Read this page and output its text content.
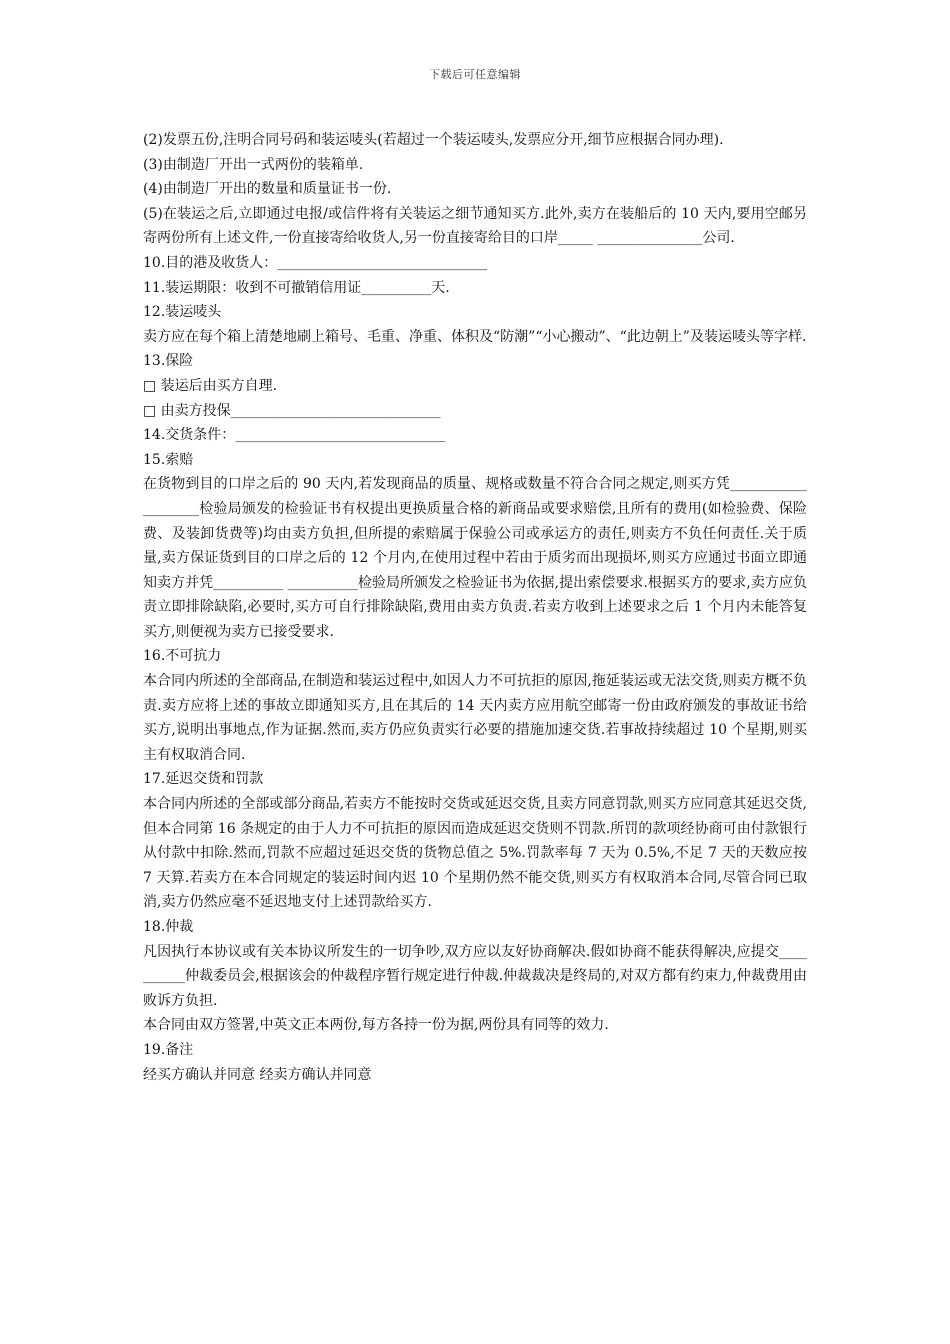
下载后可任意编辑

(2)发票五份,注明合同号码和装运唛头(若超过一个装运唛头,发票应分开,细节应根据合同办理).

(3)由制造厂开出一式两份的装箱单.

(4)由制造厂开出的数量和质量证书一份.

(5)在装运之后,立即通过电报/或信件将有关装运之细节通知买方.此外,卖方在装船后的 10 天内,要用空邮另寄两份所有上述文件,一份直接寄给收货人,另一份直接寄给目的口岸_____ _______________公司.

10.目的港及收货人：______________________________

11.装运期限：收到不可撤销信用证__________天.

12.装运唛头

卖方应在每个箱上清楚地刷上箱号、毛重、净重、体积及“防潮”“小心搬动”、“此边朝上”及装运唛头等字样.

13.保险

□ 装运后由买方自理.

□ 由卖方投保______________________________

14.交货条件：______________________________

15.索赔

在货物到目的口岸之后的 90 天内,若发现商品的质量、规格或数量不符合合同之规定,则买方凭___________________检验局颁发的检验证书有权提出更换质量合格的新商品或要求赔偿,且所有的费用(如检验费、保险费、及装卸货费等)均由卖方负担,但所提的索赔属于保验公司或承运方的责任,则卖方不负任何责任.关于质量,卖方保证货到目的口岸之后的 12 个月内,在使用过程中若由于质劣而出现损坏,则买方应通过书面立即通知卖方并凭__________ __________检验局所颁发之检验证书为依据,提出索偿要求.根据买方的要求,卖方应负责立即排除缺陷,必要时,买方可自行排除缺陷,费用由卖方负责.若卖方收到上述要求之后 1 个月内未能答复买方,则便视为卖方已接受要求.

16.不可抗力

本合同内所述的全部商品,在制造和装运过程中,如因人力不可抗拒的原因,拖延装运或无法交货,则卖方概不负责.卖方应将上述的事故立即通知买方,且在其后的 14 天内卖方应用航空邮寄一份由政府颁发的事故证书给买方,说明出事地点,作为证据.然而,卖方仍应负责实行必要的措施加速交货.若事故持续超过 10 个星期,则买主有权取消合同.

17.延迟交货和罚款

本合同内所述的全部或部分商品,若卖方不能按时交货或延迟交货,且卖方同意罚款,则买方应同意其延迟交货,但本合同第 16 条规定的由于人力不可抗拒的原因而造成延迟交货则不罚款.所罚的款项经协商可由付款银行从付款中扣除.然而,罚款不应超过延迟交货的货物总值之 5%.罚款率每 7 天为 0.5%,不足 7 天的天数应按 7 天算.若卖方在本合同规定的装运时间内迟 10 个星期仍然不能交货,则买方有权取消本合同,尽管合同已取消,卖方仍然应毫不延迟地支付上述罚款给买方.

18.仲裁

凡因执行本协议或有关本协议所发生的一切争吵,双方应以友好协商解决.假如协商不能获得解决,应提交__________仲裁委员会,根据该会的仲裁程序暂行规定进行仲裁.仲裁裁决是终局的,对双方都有约束力,仲裁费用由败诉方负担.

本合同由双方签署,中英文正本两份,每方各持一份为据,两份具有同等的效力.

19.备注

经买方确认并同意 经卖方确认并同意
